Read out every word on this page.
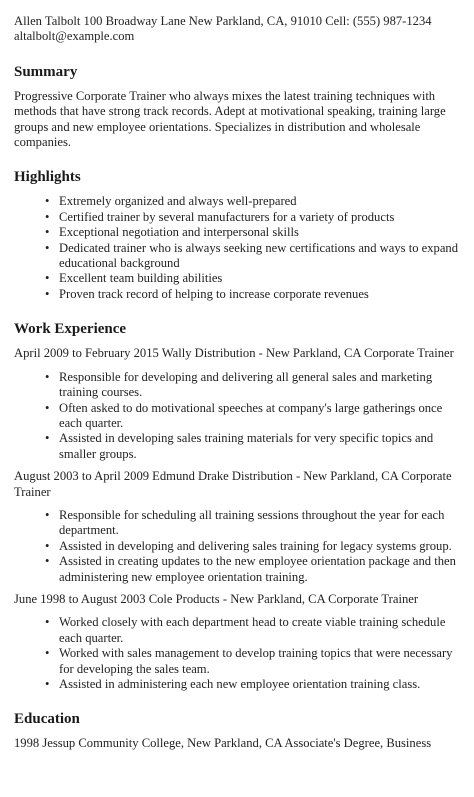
Allen Talbolt 100 Broadway Lane New Parkland, CA, 91010 Cell: (555) 987-1234

altalbolt@example.com

Summary

Progressive Corporate Trainer who always mixes the latest training techniques with methods that have strong track records. Adept at motivational speaking, training large groups and new employee orientations. Specializes in distribution and wholesale companies.

Highlights
• Extremely organized and always well-prepared
• Certified trainer by several manufacturers for a variety of products
• Exceptional negotiation and interpersonal skills
• Dedicated trainer who is always seeking new certifications and ways to expand educational background
• Excellent team building abilities
• Proven track record of helping to increase corporate revenues
Work Experience

April 2009 to February 2015 Wally Distribution - New Parkland, CA Corporate Trainer

• Responsible for developing and delivering all general sales and marketing training courses.
• Often asked to do motivational speeches at company's large gatherings once each quarter.
• Assisted in developing sales training materials for very specific topics and smaller groups.

August 2003 to April 2009 Edmund Drake Distribution - New Parkland, CA Corporate Trainer

• Responsible for scheduling all training sessions throughout the year for each department.
• Assisted in developing and delivering sales training for legacy systems group.
• Assisted in creating updates to the new employee orientation package and then administering new employee orientation training.

June 1998 to August 2003 Cole Products - New Parkland, CA Corporate Trainer

• Worked closely with each department head to create viable training schedule each quarter.
• Worked with sales management to develop training topics that were necessary for developing the sales team.
• Assisted in administering each new employee orientation training class.
Education

1998 Jessup Community College, New Parkland, CA Associate's Degree, Business
